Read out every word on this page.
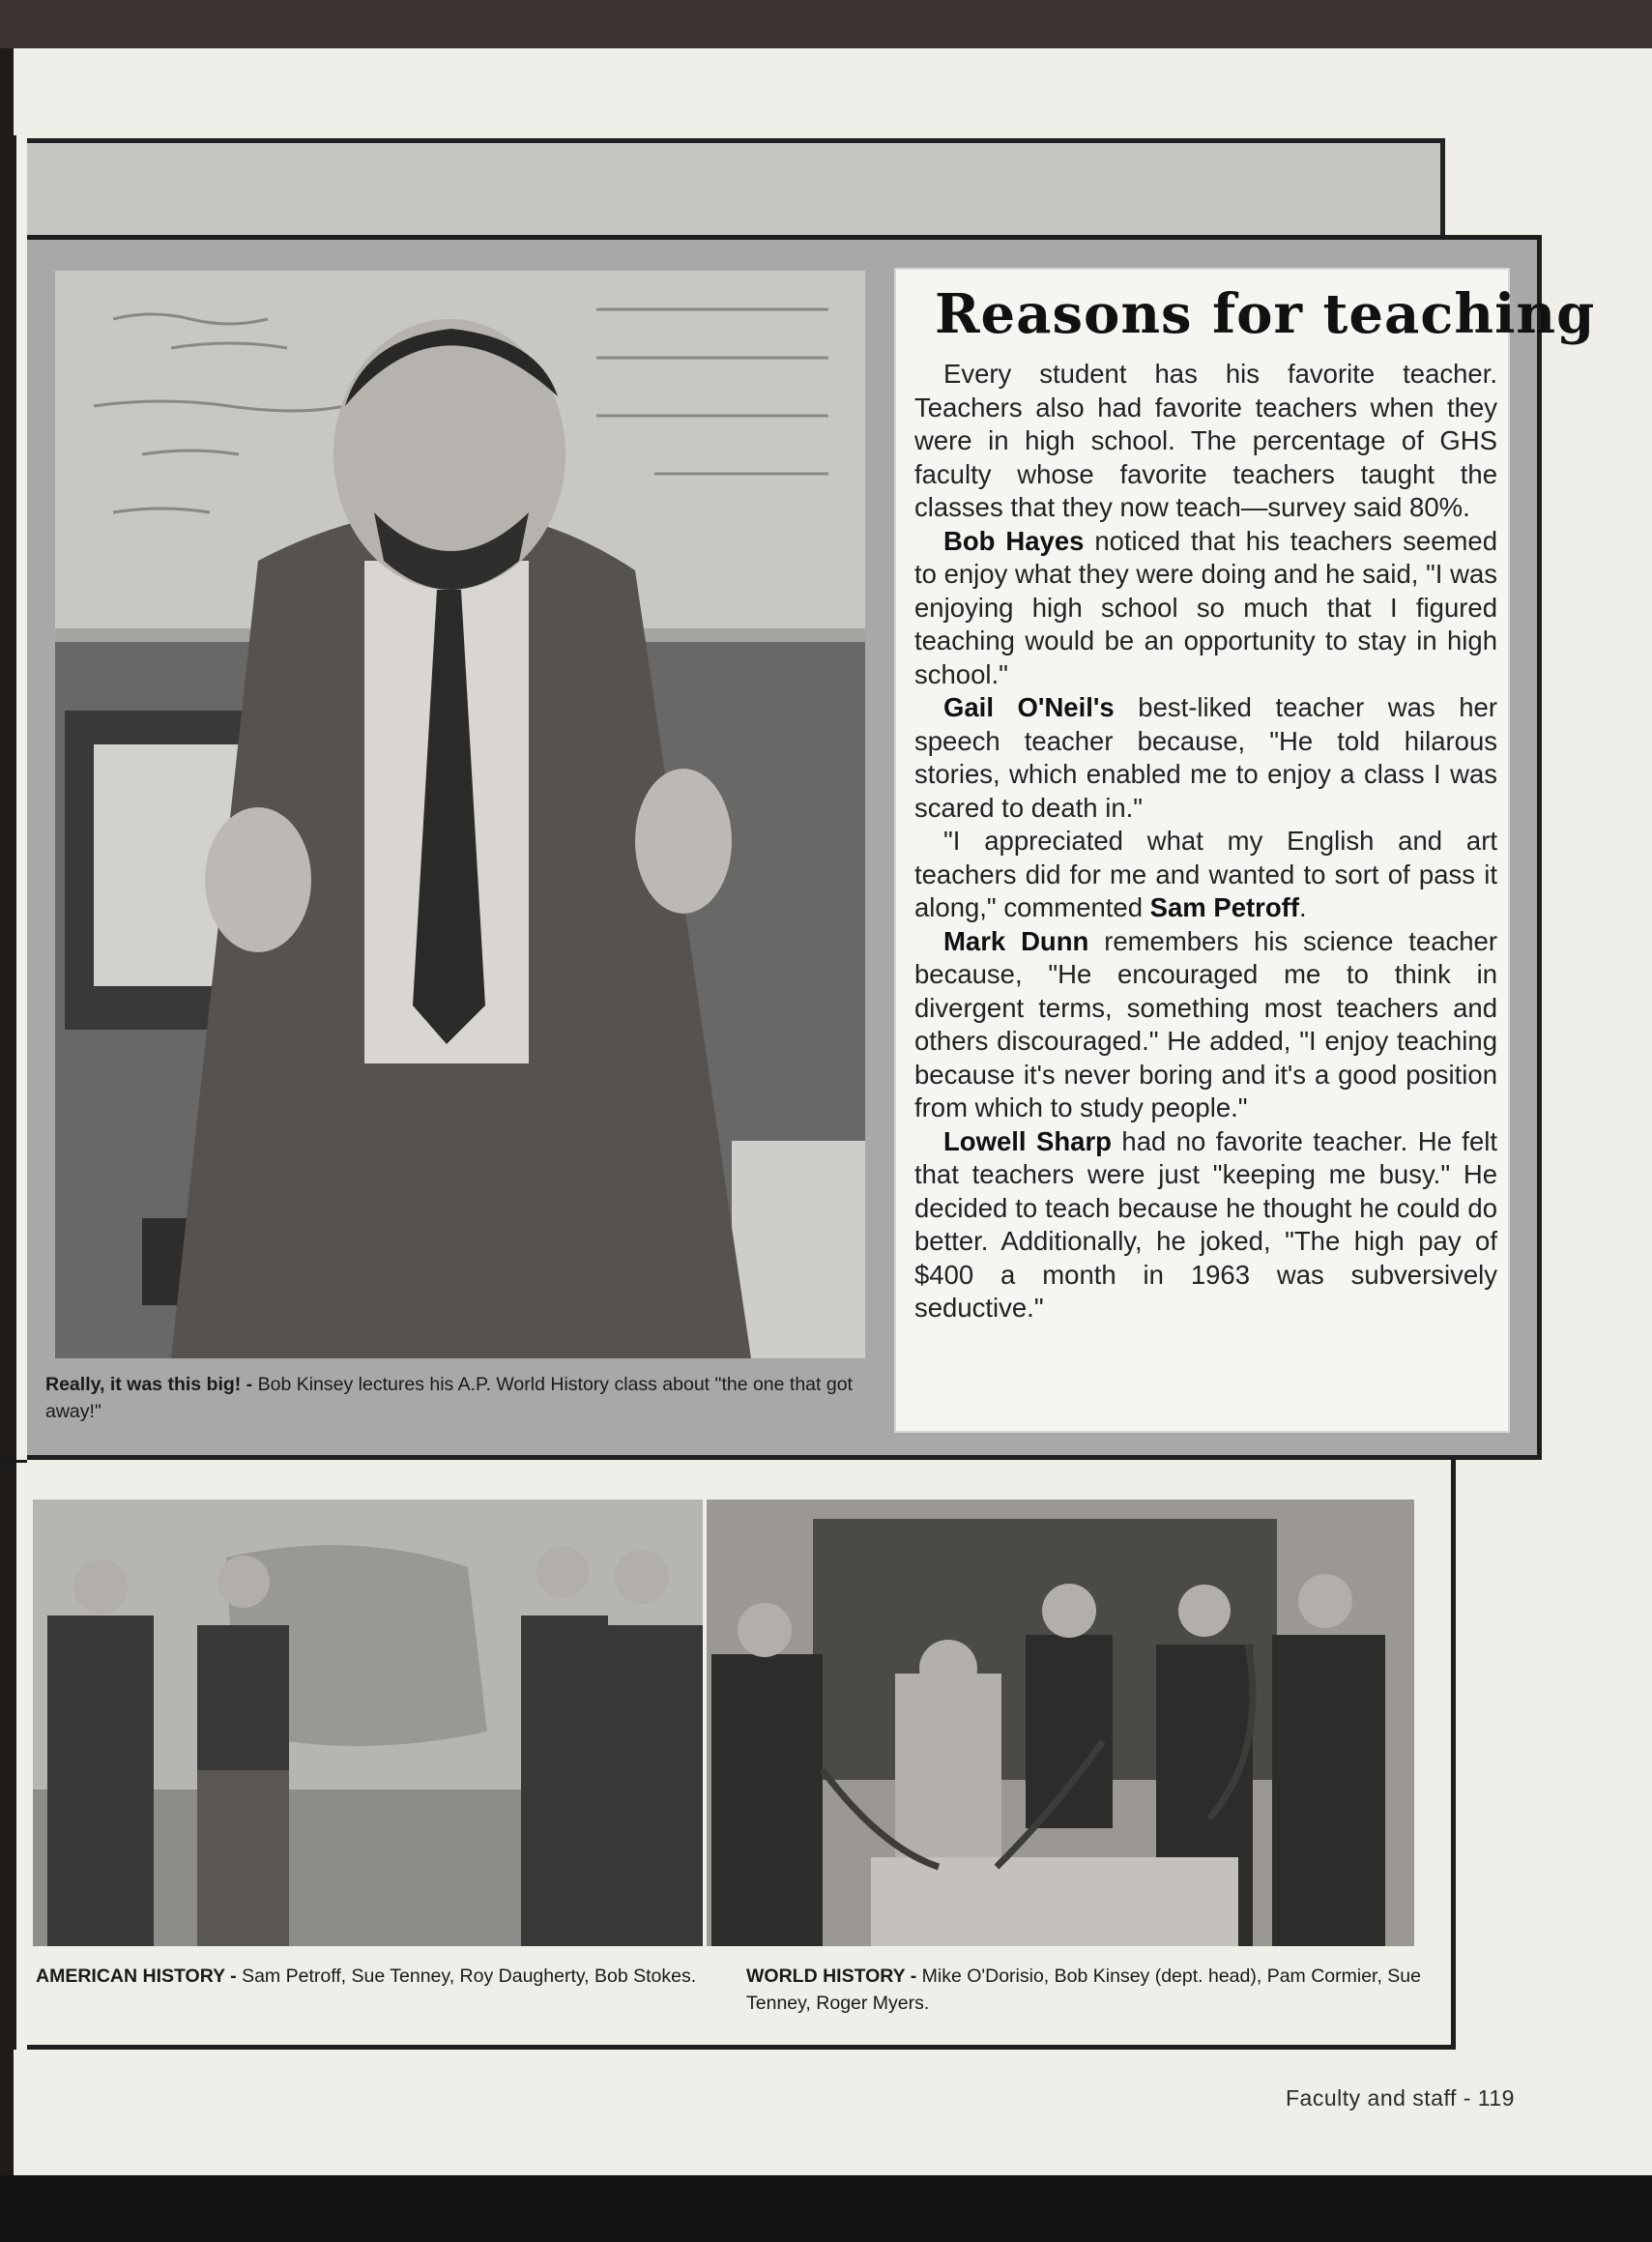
Really, it was this big! - Bob Kinsey lectures his A.P. World History class about "the one that got away!"
Reasons for teaching

Every student has his favorite teacher. Teachers also had favorite teachers when they were in high school. The percentage of GHS faculty whose favorite teachers taught the classes that they now teach—survey said 80%.

Bob Hayes noticed that his teachers seemed to enjoy what they were doing and he said, "I was enjoying high school so much that I figured teaching would be an opportunity to stay in high school."

Gail O'Neil's best-liked teacher was her speech teacher because, "He told hilarous stories, which enabled me to enjoy a class I was scared to death in."

"I appreciated what my English and art teachers did for me and wanted to sort of pass it along," commented Sam Petroff.

Mark Dunn remembers his science teacher because, "He encouraged me to think in divergent terms, something most teachers and others discouraged." He added, "I enjoy teaching because it's never boring and it's a good position from which to study people."

Lowell Sharp had no favorite teacher. He felt that teachers were just "keeping me busy." He decided to teach because he thought he could do better. Additionally, he joked, "The high pay of $400 a month in 1963 was subversively seductive."

AMERICAN HISTORY - Sam Petroff, Sue Tenney, Roy Daugherty, Bob Stokes.	WORLD HISTORY - Mike O'Dorisio, Bob Kinsey (dept. head), Pam Cormier, Sue Tenney, Roger Myers.
Faculty and staff - 119
